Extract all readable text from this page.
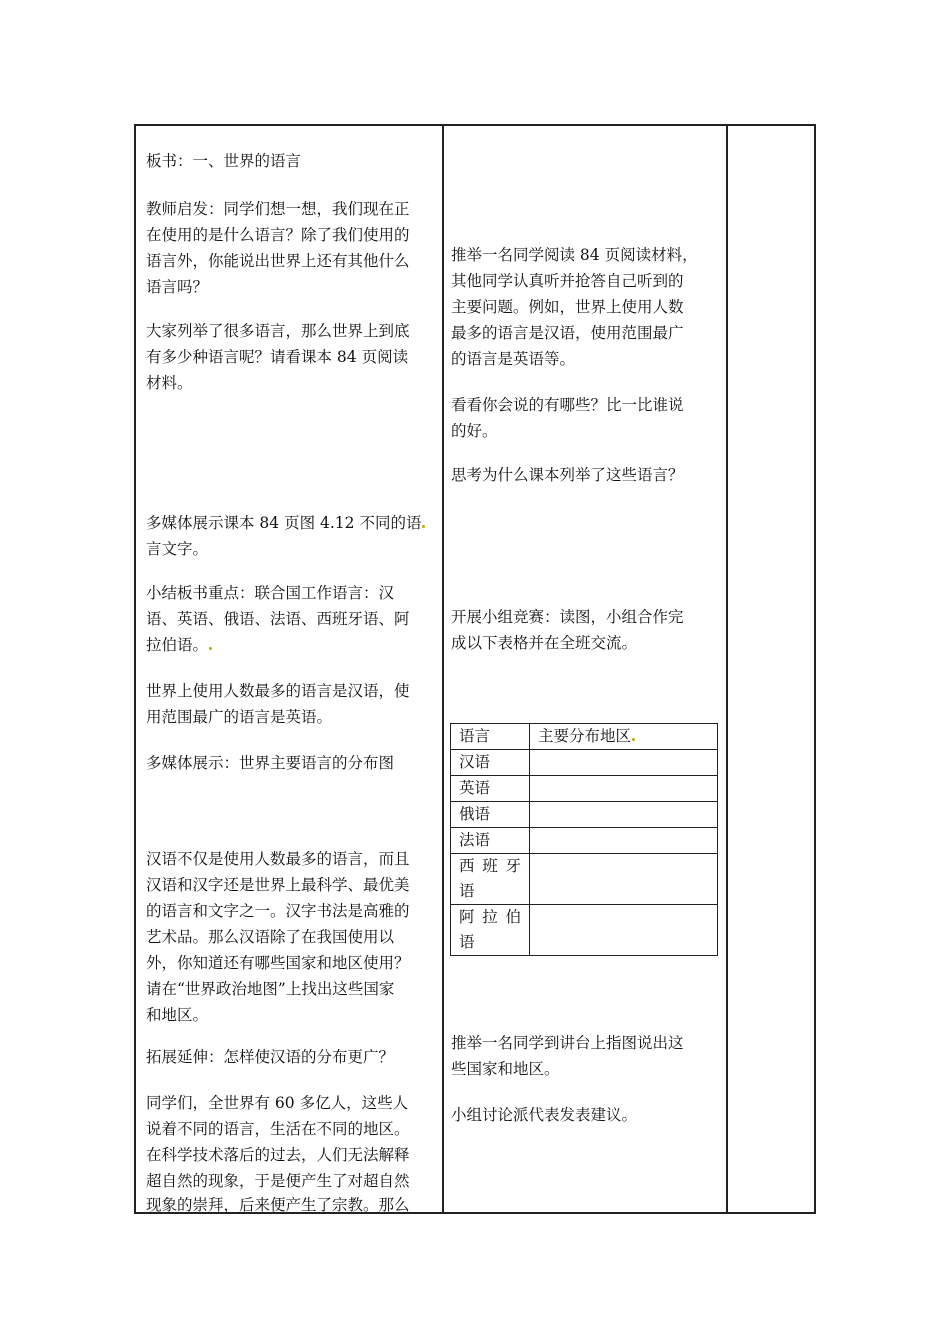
板书：一、世界的语言

教师启发：同学们想一想，我们现在正

在使用的是什么语言？除了我们使用的

语言外，你能说出世界上还有其他什么

语言吗？

大家列举了很多语言，那么世界上到底

有多少种语言呢？请看课本 84 页阅读

材料。

多媒体展示课本 84 页图 4.12 不同的语

言文字。

小结板书重点：联合国工作语言：汉

语、英语、俄语、法语、西班牙语、阿

拉伯语。

世界上使用人数最多的语言是汉语，使

用范围最广的语言是英语。

多媒体展示：世界主要语言的分布图

汉语不仅是使用人数最多的语言，而且

汉语和汉字还是世界上最科学、最优美

的语言和文字之一。汉字书法是高雅的

艺术品。那么汉语除了在我国使用以

外，你知道还有哪些国家和地区使用？

请在“世界政治地图”上找出这些国家

和地区。

拓展延伸：怎样使汉语的分布更广？

同学们，全世界有 60 多亿人，这些人

说着不同的语言，生活在不同的地区。

在科学技术落后的过去，人们无法解释

超自然的现象，于是便产生了对超自然

现象的崇拜，后来便产生了宗教。那么

推举一名同学阅读 84 页阅读材料，

其他同学认真听并抢答自己听到的

主要问题。例如，世界上使用人数

最多的语言是汉语，使用范围最广

的语言是英语等。

看看你会说的有哪些？比一比谁说

的好。

思考为什么课本列举了这些语言？

开展小组竞赛：读图，小组合作完

成以下表格并在全班交流。

推举一名同学到讲台上指图说出这

些国家和地区。

小组讨论派代表发表建议。

语言	主要分布地区
汉语	
英语	
俄语	
法语	

西 班 牙
语	

阿 拉 伯
语	
